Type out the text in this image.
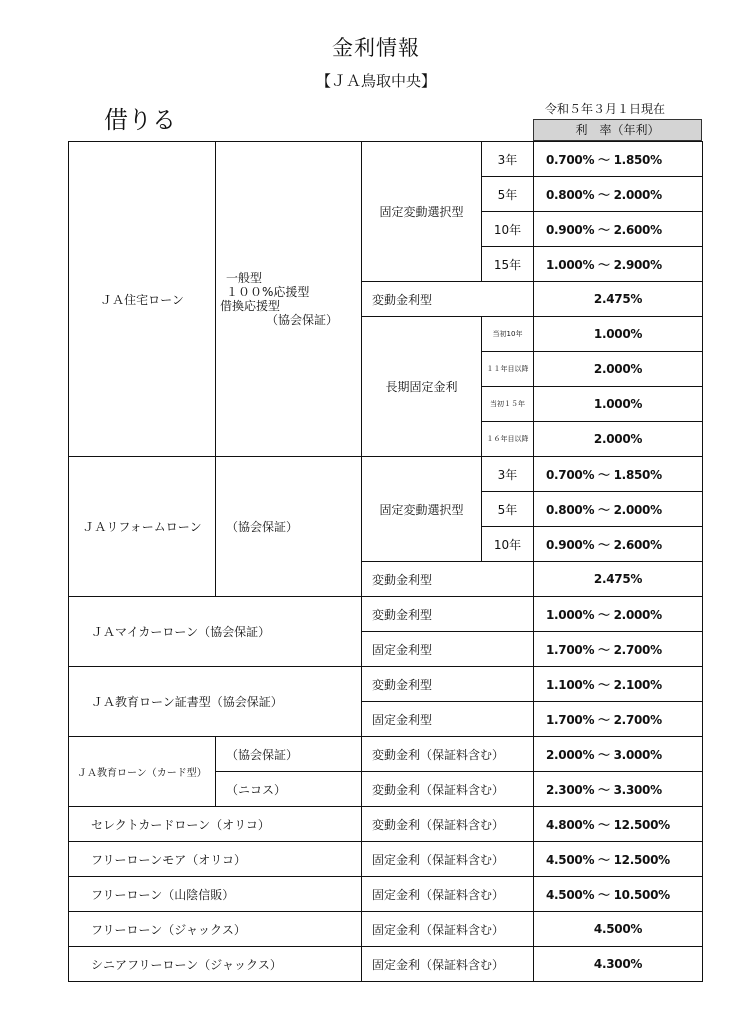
金利情報
【ＪＡ鳥取中央】
借りる	令和５年３月１日現在
利　率（年利）
ＪＡ住宅ローン	一般型
１００%応援型
借換応援型
（協会保証）	固定変動選択型	3年	0.700% ～ 1.850%
			5年	0.800% ～ 2.000%
			10年	0.900% ～ 2.600%
			15年	1.000% ～ 2.900%
		変動金利型		2.475%
		長期固定金利	当初10年	1.000%
			１１年目以降	2.000%
			当初１５年	1.000%
			１６年目以降	2.000%
ＪＡリフォームローン	（協会保証）	固定変動選択型	3年	0.700% ～ 1.850%
			5年	0.800% ～ 2.000%
			10年	0.900% ～ 2.600%
		変動金利型		2.475%
ＪＡマイカーローン（協会保証）		変動金利型		1.000% ～ 2.000%
		固定金利型		1.700% ～ 2.700%
ＪＡ教育ローン証書型（協会保証）		変動金利型		1.100% ～ 2.100%
		固定金利型		1.700% ～ 2.700%
ＪＡ教育ローン（カード型）	（協会保証）	変動金利（保証料含む）		2.000% ～ 3.000%
	（ニコス）	変動金利（保証料含む）		2.300% ～ 3.300%
セレクトカードローン（オリコ）		変動金利（保証料含む）		4.800% ～ 12.500%
フリーローンモア（オリコ）		固定金利（保証料含む）		4.500% ～ 12.500%
フリーローン（山陰信販）		固定金利（保証料含む）		4.500% ～ 10.500%
フリーローン（ジャックス）		固定金利（保証料含む）		4.500%
シニアフリーローン（ジャックス）		固定金利（保証料含む）		4.300%
